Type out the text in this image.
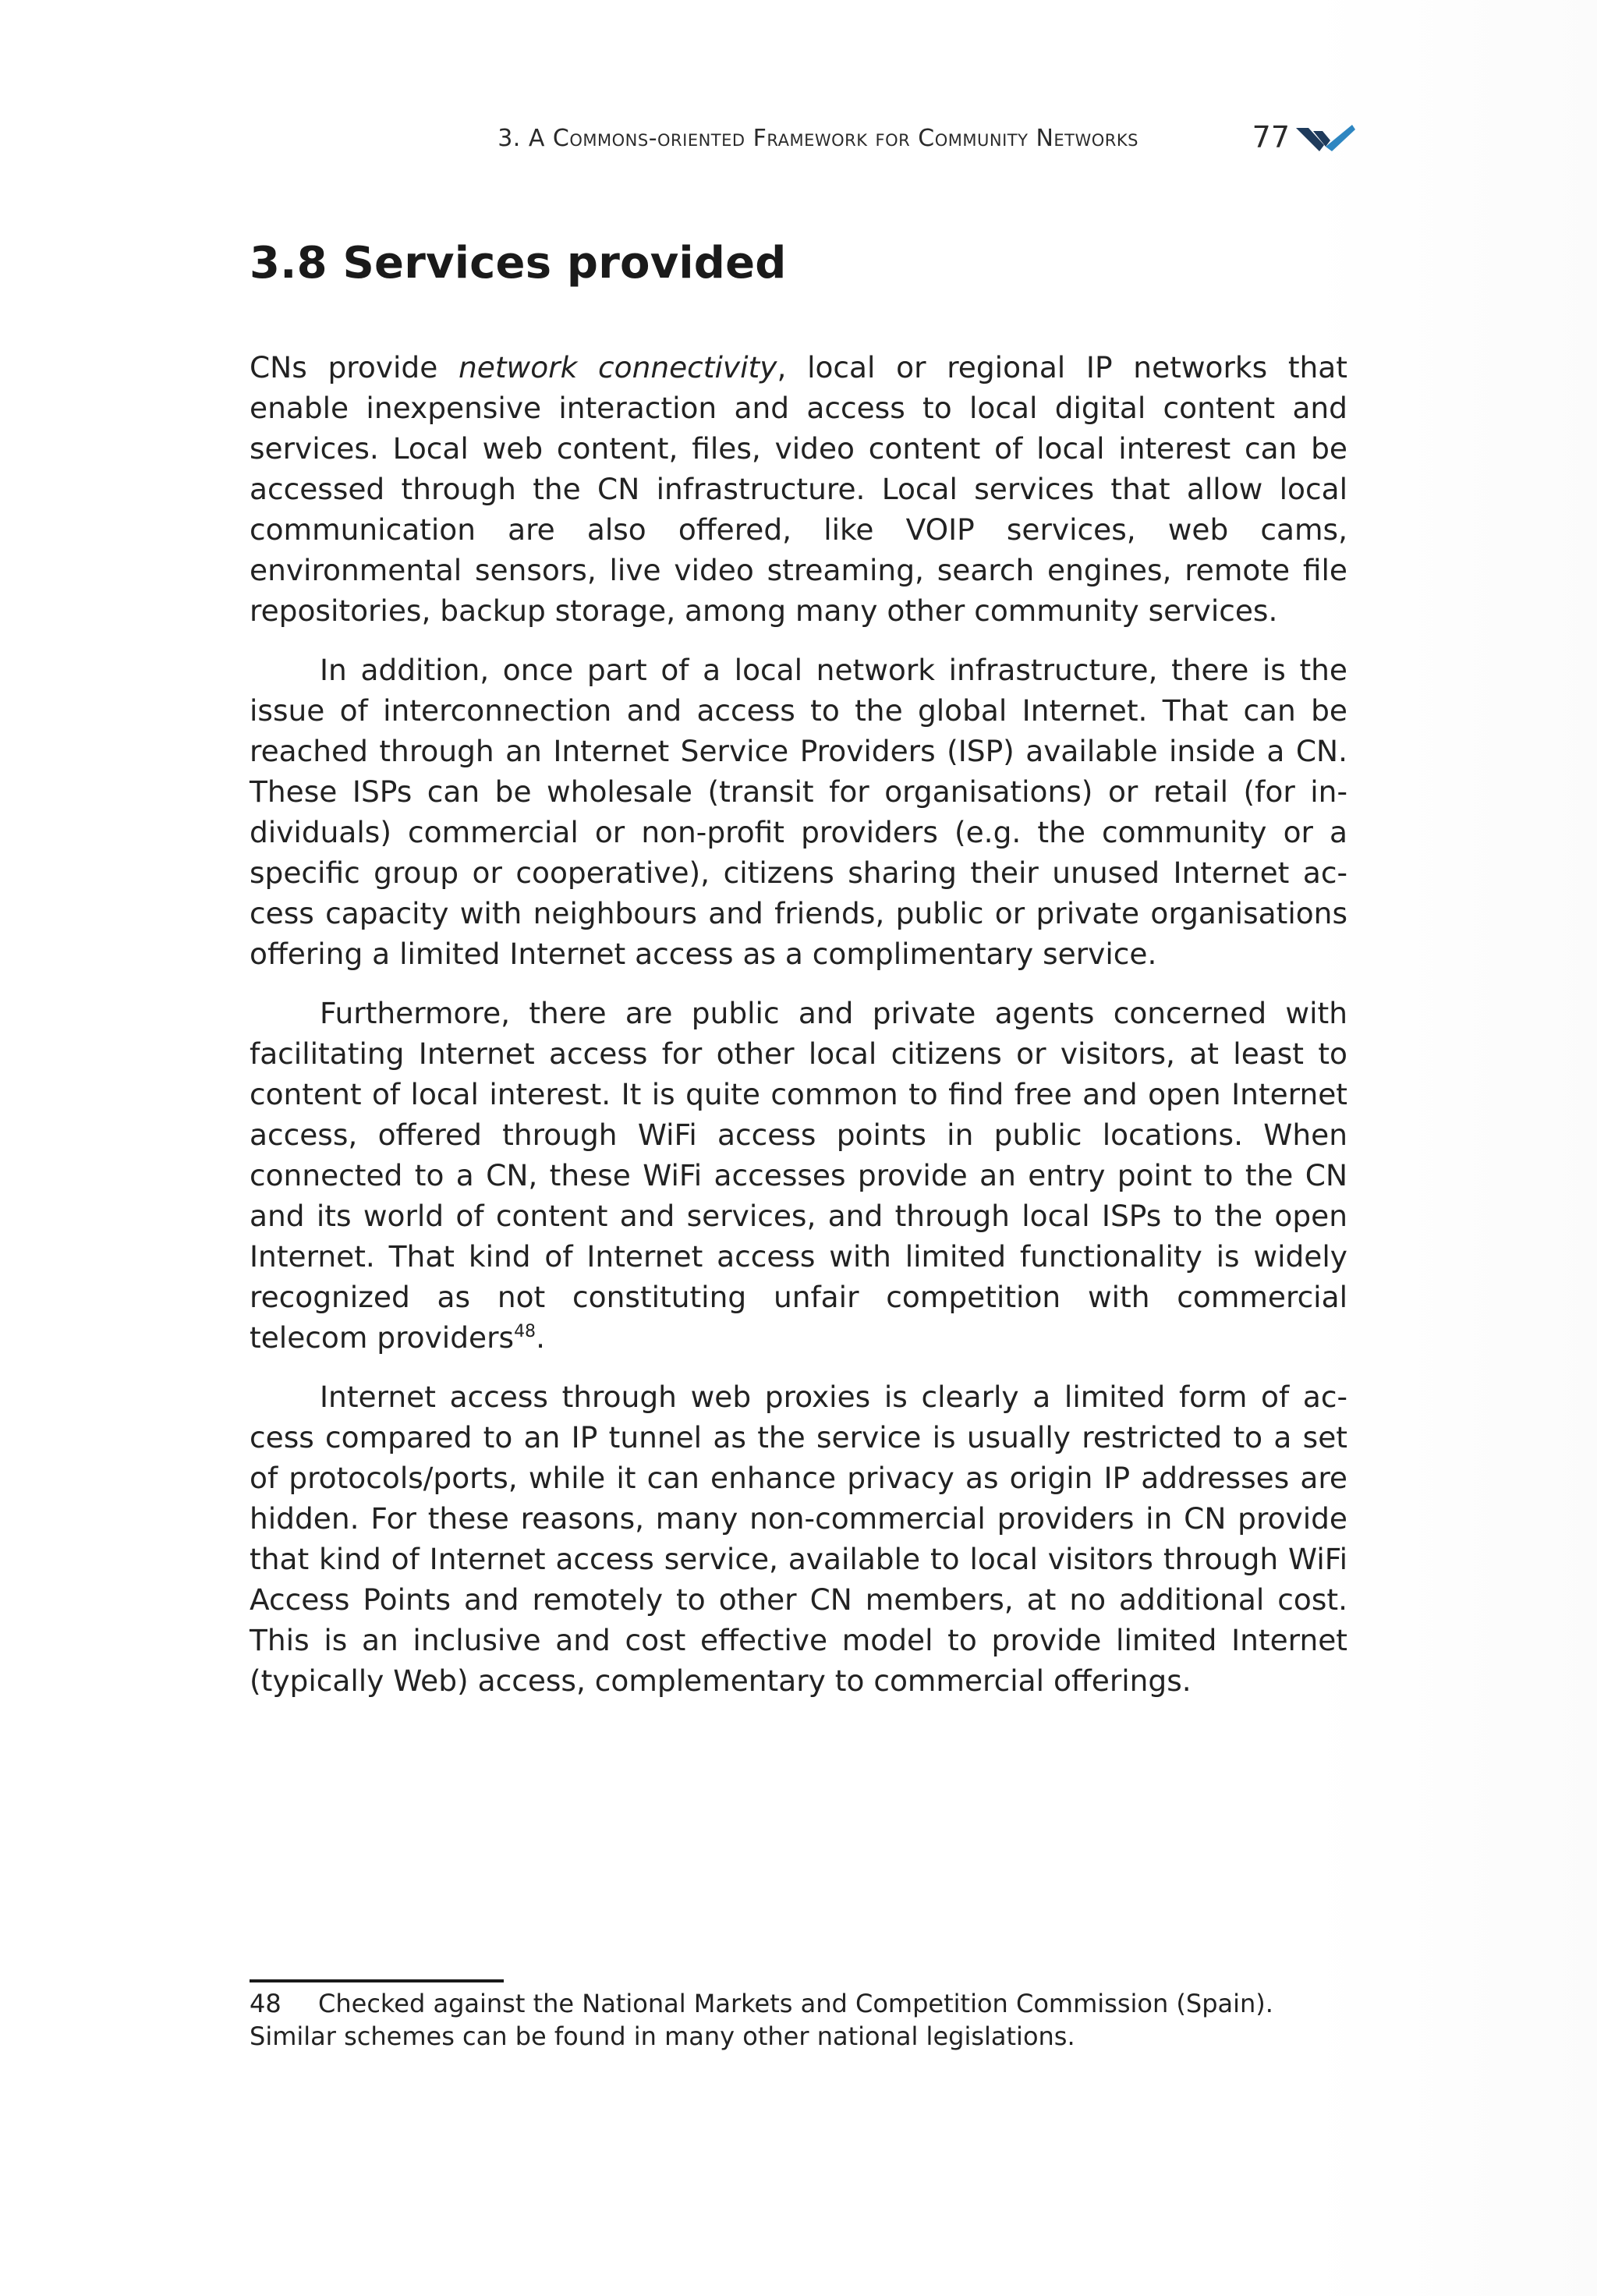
3. A Commons-oriented Framework for Community Networks	77
3.8 Services provided

CNs provide network connectivity, local or regional IP networks that enable inexpensive interaction and access to local digital content and services. Local web content, files, video content of local interest can be accessed through the CN infrastructure. Local services that allow local communication are also offered, like VOIP services, web cams, environmental sensors, live video streaming, search engines, remote file repositories, backup storage, among many other community services.

In addition, once part of a local network infrastructure, there is the issue of interconnection and access to the global Internet. That can be reached through an Internet Service Providers (ISP) available inside a CN. These ISPs can be wholesale (transit for organisations) or retail (for individuals) commercial or non-profit providers (e.g. the community or a specific group or cooperative), citizens sharing their unused Internet access capacity with neighbours and friends, public or private organisations offering a limited Internet access as a complimentary service.

Furthermore, there are public and private agents concerned with facilitating Internet access for other local citizens or visitors, at least to content of local interest. It is quite common to find free and open Internet access, offered through WiFi access points in public locations. When connected to a CN, these WiFi accesses provide an entry point to the CN and its world of content and services, and through local ISPs to the open Internet. That kind of Internet access with limited functionality is widely recognized as not constituting unfair competition with commercial telecom providers$^{48}$.

Internet access through web proxies is clearly a limited form of access compared to an IP tunnel as the service is usually restricted to a set of protocols/ports, while it can enhance privacy as origin IP addresses are hidden. For these reasons, many non-commercial providers in CN provide that kind of Internet access service, available to local visitors through WiFi Access Points and remotely to other CN members, at no additional cost. This is an inclusive and cost effective model to provide limited Internet (typically Web) access, complementary to commercial offerings.

48 Checked against the National Markets and Competition Commission (Spain). Similar schemes can be found in many other national legislations.
